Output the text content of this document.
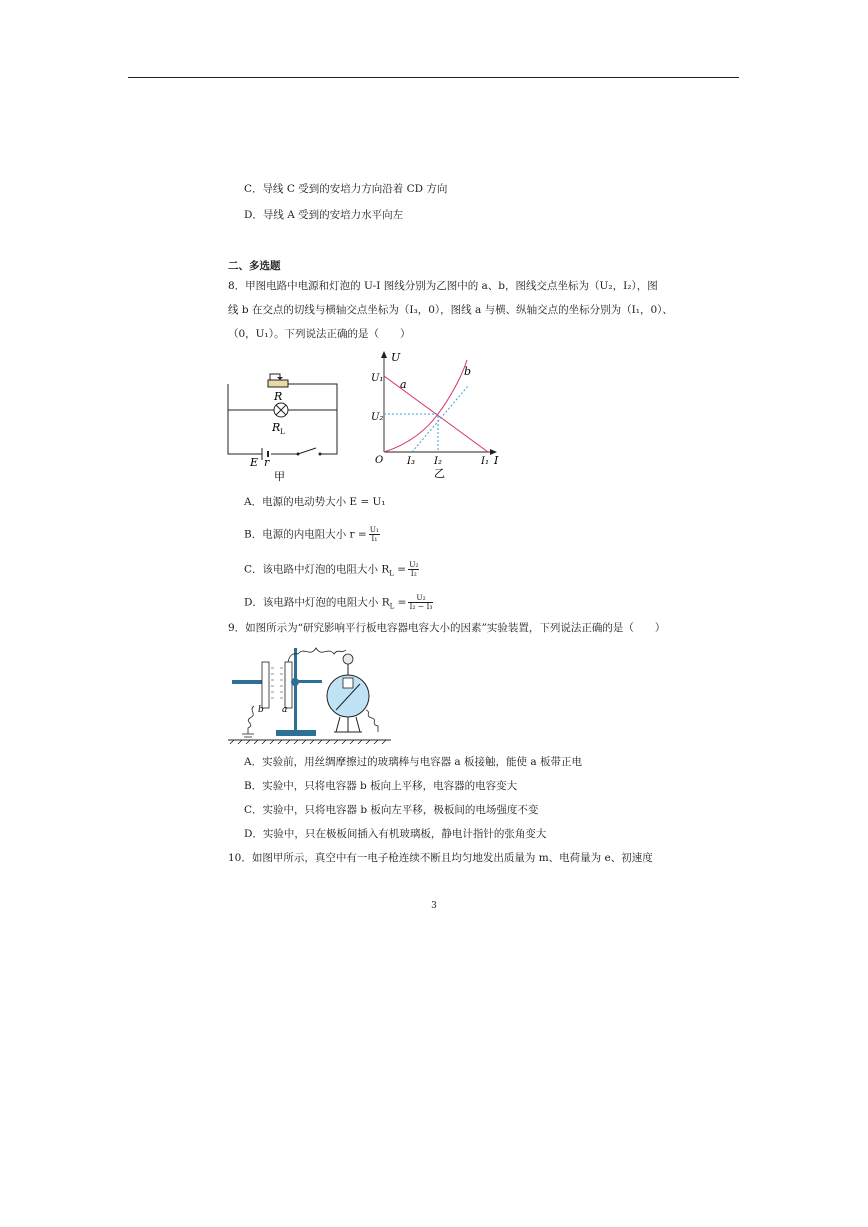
C．导线 C 受到的安培力方向沿着 CD 方向
D．导线 A 受到的安培力水平向左
二、多选题
8．甲图电路中电源和灯泡的 U-I 图线分别为乙图中的 a、b，图线交点坐标为（U₂，I₂），图
线 b 在交点的切线与横轴交点坐标为（I₃，0），图线 a 与横、纵轴交点的坐标分别为（I₁，0）、
（0，U₁）。下列说法正确的是（　　）
R
R L
E r
甲
U
U₁
U₂
O I₃ I₂	I₁ I
a
b
乙
A．电源的电动势大小 E = U₁
B．电源的内电阻大小 $r = \frac{\text{U₁}}{\text{I₁}}$
C．该电路中灯泡的电阻大小 $R_L = \frac{\text{U₂}}{\text{I₂}}$
D．该电路中灯泡的电阻大小 $R_L = \frac{\text{U₂}}{\text{I₂ − I₃}}$
9．如图所示为“研究影响平行板电容器电容大小的因素”实验装置，下列说法正确的是（　　）
b a
A．实验前，用丝绸摩擦过的玻璃棒与电容器 a 板接触，能使 a 板带正电
B．实验中，只将电容器 b 板向上平移，电容器的电容变大
C．实验中，只将电容器 b 板向左平移，极板间的电场强度不变
D．实验中，只在极板间插入有机玻璃板，静电计指针的张角变大
10．如图甲所示，真空中有一电子枪连续不断且均匀地发出质量为 m、电荷量为 e、初速度
3
